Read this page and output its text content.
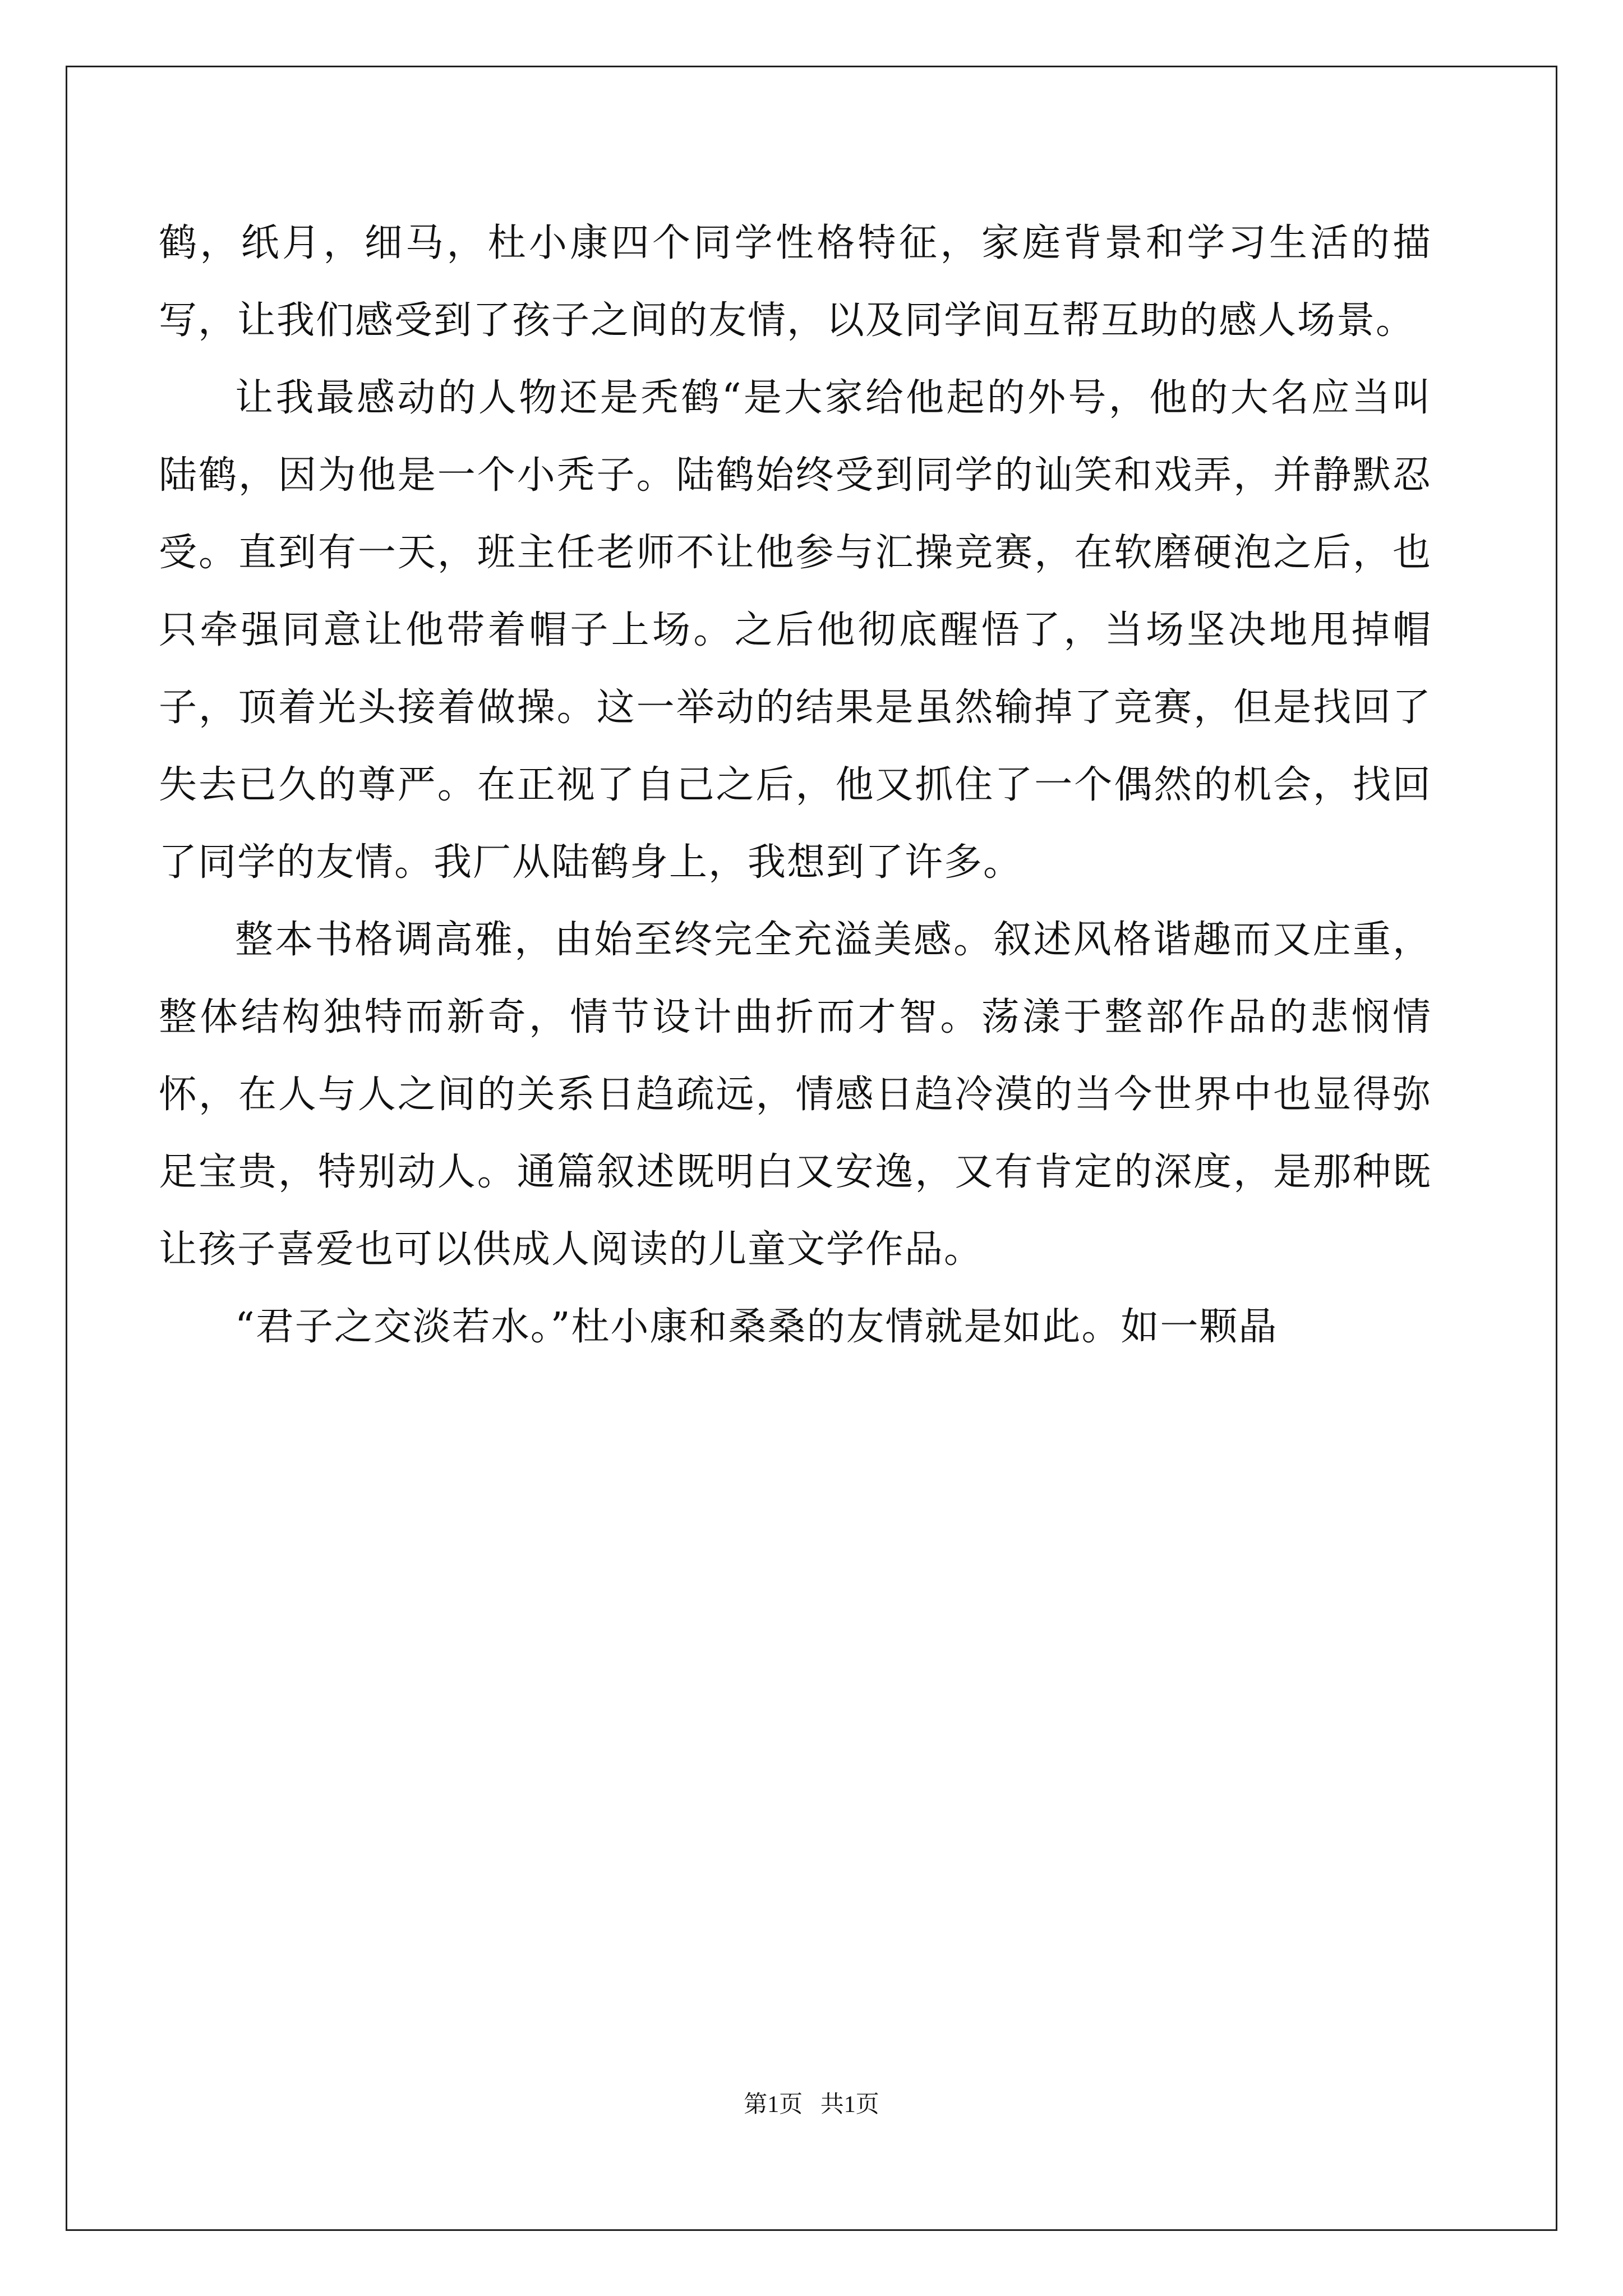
鹤，纸月，细马，杜小康四个同学性格特征，家庭背景和学习生活的描写，让我们感受到了孩子之间的友情，以及同学间互帮互助的感人场景。

让我最感动的人物还是秃鹤“是大家给他起的外号，他的大名应当叫陆鹤，因为他是一个小秃子。陆鹤始终受到同学的讪笑和戏弄，并静默忍受。直到有一天，班主任老师不让他参与汇操竞赛，在软磨硬泡之后，也只牵强同意让他带着帽子上场。之后他彻底醒悟了，当场坚决地甩掉帽子，顶着光头接着做操。这一举动的结果是虽然输掉了竞赛，但是找回了失去已久的尊严。在正视了自己之后，他又抓住了一个偶然的机会，找回了同学的友情。我厂从陆鹤身上，我想到了许多。

整本书格调高雅，由始至终完全充溢美感。叙述风格谐趣而又庄重，整体结构独特而新奇，情节设计曲折而才智。荡漾于整部作品的悲悯情怀，在人与人之间的关系日趋疏远，情感日趋冷漠的当今世界中也显得弥足宝贵，特别动人。通篇叙述既明白又安逸，又有肯定的深度，是那种既让孩子喜爱也可以供成人阅读的儿童文学作品。

“君子之交淡若水。”杜小康和桑桑的友情就是如此。如一颗晶

第1页   共1页
